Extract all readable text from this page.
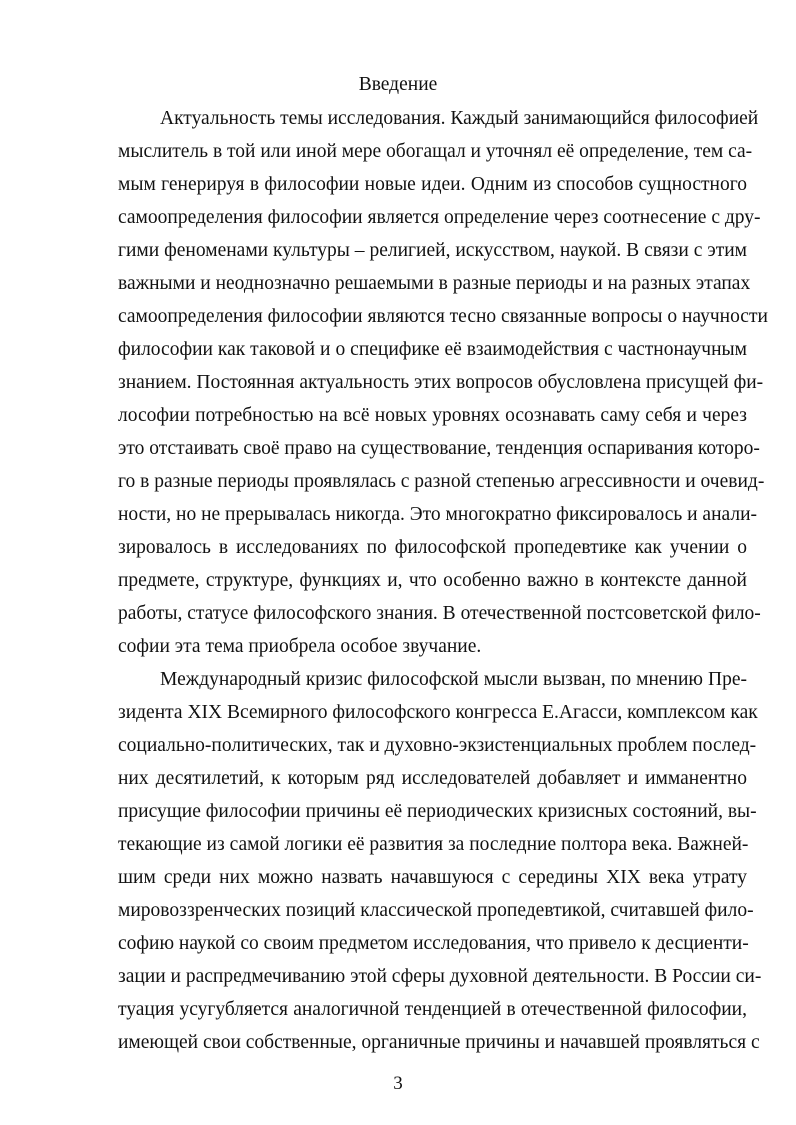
Введение
Актуальность темы исследования. Каждый занимающийся философией
мыслитель в той или иной мере обогащал и уточнял её определение, тем са-
мым генерируя в философии новые идеи. Одним из способов сущностного
самоопределения философии является определение через соотнесение с дру-
гими феноменами культуры – религией, искусством, наукой. В связи с этим
важными и неоднозначно решаемыми в разные периоды и на разных этапах
самоопределения философии являются тесно связанные вопросы о научности
философии как таковой и о специфике её взаимодействия с частнонаучным
знанием. Постоянная актуальность этих вопросов обусловлена присущей фи-
лософии потребностью на всё новых уровнях осознавать саму себя и через
это отстаивать своё право на существование, тенденция оспаривания которо-
го в разные периоды проявлялась с разной степенью агрессивности и очевид-
ности, но не прерывалась никогда. Это многократно фиксировалось и анали-
зировалось в исследованиях по философской пропедевтике как учении о
предмете, структуре, функциях и, что особенно важно в контексте данной
работы, статусе философского знания. В отечественной постсоветской фило-
софии эта тема приобрела особое звучание.
Международный кризис философской мысли вызван, по мнению Пре-
зидента XIX Всемирного философского конгресса Е.Агасси, комплексом как
социально-политических, так и духовно-экзистенциальных проблем послед-
них десятилетий, к которым ряд исследователей добавляет и имманентно
присущие философии причины её периодических кризисных состояний, вы-
текающие из самой логики её развития за последние полтора века. Важней-
шим среди них можно назвать начавшуюся с середины XIX века утрату
мировоззренческих позиций классической пропедевтикой, считавшей фило-
софию наукой со своим предметом исследования, что привело к десциенти-
зации и распредмечиванию этой сферы духовной деятельности. В России си-
туация усугубляется аналогичной тенденцией в отечественной философии,
имеющей свои собственные, органичные причины и начавшей проявляться с
3
